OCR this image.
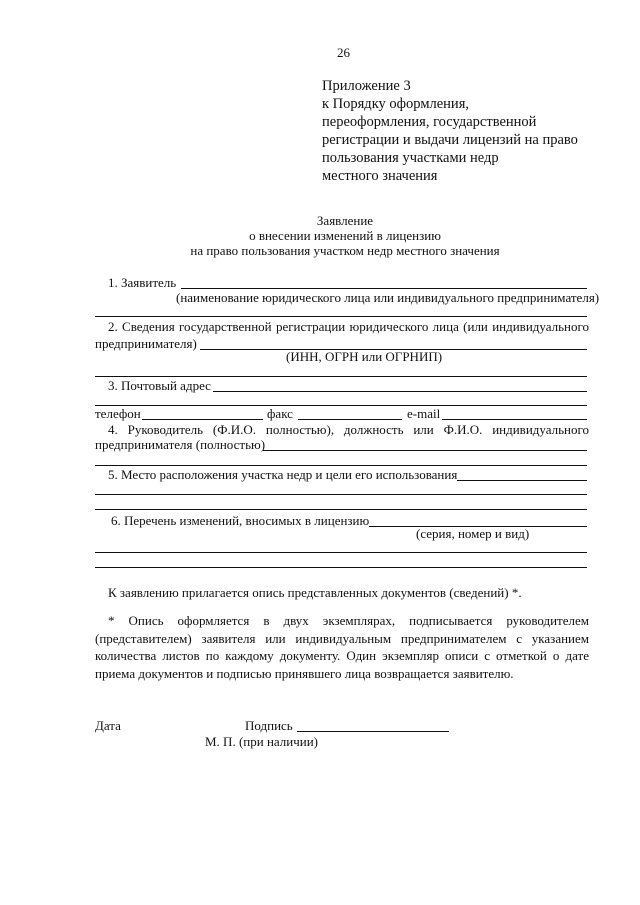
26
Приложение 3
к Порядку оформления,
переоформления, государственной
регистрации и выдачи лицензий на право
пользования участками недр
местного значения
Заявление
о внесении изменений в лицензию
на право пользования участком недр местного значения
1. Заявитель
(наименование юридического лица или индивидуального предпринимателя)
2. Сведения государственной регистрации юридического лица (или индивидуального
предпринимателя)
(ИНН, ОГРН или ОГРНИП)
3. Почтовый адрес
телефон	факс	e-mail
4. Руководитель (Ф.И.О. полностью), должность или Ф.И.О. индивидуального
предпринимателя (полностью)
5. Место расположения участка недр и цели его использования
6. Перечень изменений, вносимых в лицензию
(серия, номер и вид)
К заявлению прилагается опись представленных документов (сведений) *.
* Опись оформляется в двух экземплярах, подписывается руководителем
(представителем) заявителя или индивидуальным предпринимателем с указанием
количества листов по каждому документу. Один экземпляр описи с отметкой о дате
приема документов и подписью принявшего лица возвращается заявителю.
Дата	Подпись
М. П. (при наличии)
